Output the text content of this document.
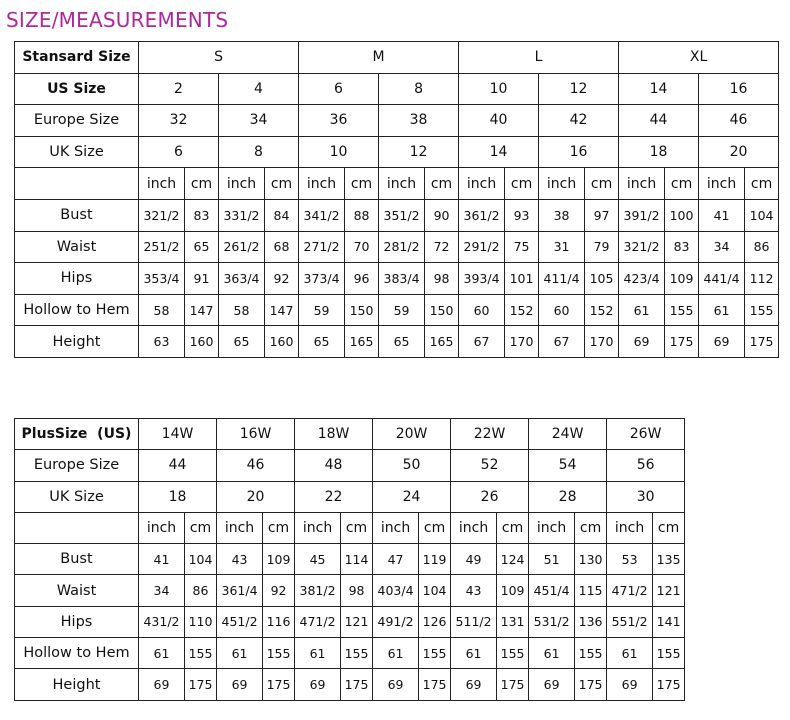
SIZE/MEASUREMENTS
Stansard Size	S				M				L				XL			
US Size	2		4		6		8		10		12		14		16	
Europe Size	32		34		36		38		40		42		44		46	
UK Size	6		8		10		12		14		16		18		20	
	inch	cm	inch	cm	inch	cm	inch	cm	inch	cm	inch	cm	inch	cm	inch	cm
Bust	321/2	83	331/2	84	341/2	88	351/2	90	361/2	93	38	97	391/2	100	41	104
Waist	251/2	65	261/2	68	271/2	70	281/2	72	291/2	75	31	79	321/2	83	34	86
Hips	353/4	91	363/4	92	373/4	96	383/4	98	393/4	101	411/4	105	423/4	109	441/4	112
Hollow to Hem	58	147	58	147	59	150	59	150	60	152	60	152	61	155	61	155
Height	63	160	65	160	65	165	65	165	67	170	67	170	69	175	69	175
PlusSize  (US)	14W		16W		18W		20W		22W		24W		26W		
Europe Size	44		46		48		50		52		54		56		
UK Size	18		20		22		24		26		28		30		
	inch	cm	inch	cm	inch	cm	inch	cm	inch	cm	inch	cm	inch	cm	
Bust	41	104	43	109	45	114	47	119	49	124	51	130	53	135	
Waist	34	86	361/4	92	381/2	98	403/4	104	43	109	451/4	115	471/2	121	
Hips	431/2	110	451/2	116	471/2	121	491/2	126	511/2	131	531/2	136	551/2	141	
Hollow to Hem	61	155	61	155	61	155	61	155	61	155	61	155	61	155	
Height	69	175	69	175	69	175	69	175	69	175	69	175	69	175	
